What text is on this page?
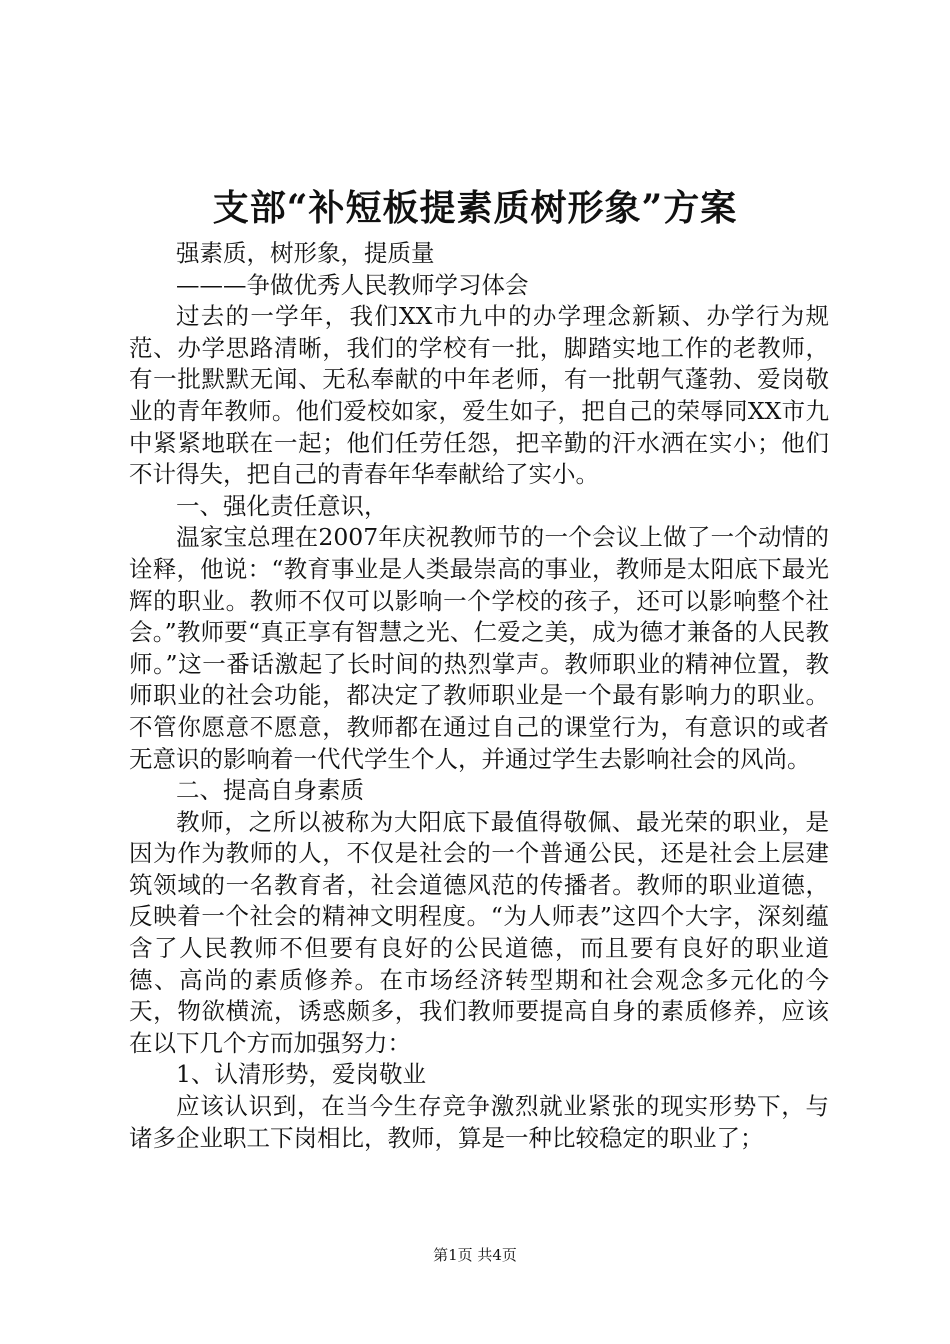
支部“补短板提素质树形象”方案

强素质，树形象，提质量

———争做优秀人民教师学习体会

过去的一学年，我们XX市九中的办学理念新颖、办学行为规范、办学思路清晰，我们的学校有一批，脚踏实地工作的老教师，有一批默默无闻、无私奉献的中年老师，有一批朝气蓬勃、爱岗敬业的青年教师。他们爱校如家，爱生如子，把自己的荣辱同XX市九中紧紧地联在一起；他们任劳任怨，把辛勤的汗水洒在实小；他们不计得失，把自己的青春年华奉献给了实小。

一、强化责任意识，

温家宝总理在2007年庆祝教师节的一个会议上做了一个动情的诠释，他说：“教育事业是人类最崇高的事业，教师是太阳底下最光辉的职业。教师不仅可以影响一个学校的孩子，还可以影响整个社会。”教师要“真正享有智慧之光、仁爱之美，成为德才兼备的人民教师。”这一番话激起了长时间的热烈掌声。教师职业的精神位置，教师职业的社会功能，都决定了教师职业是一个最有影响力的职业。不管你愿意不愿意，教师都在通过自己的课堂行为，有意识的或者无意识的影响着一代代学生个人，并通过学生去影响社会的风尚。

二、提高自身素质

教师，之所以被称为大阳底下最值得敬佩、最光荣的职业，是因为作为教师的人，不仅是社会的一个普通公民，还是社会上层建筑领域的一名教育者，社会道德风范的传播者。教师的职业道德，反映着一个社会的精神文明程度。“为人师表”这四个大字，深刻蕴含了人民教师不但要有良好的公民道德，而且要有良好的职业道德、高尚的素质修养。在市场经济转型期和社会观念多元化的今天，物欲横流，诱惑颇多，我们教师要提高自身的素质修养，应该在以下几个方而加强努力：

1、认清形势，爱岗敬业

应该认识到，在当今生存竞争激烈就业紧张的现实形势下，与诸多企业职工下岗相比，教师，算是一种比较稳定的职业了；

第1页 共4页
